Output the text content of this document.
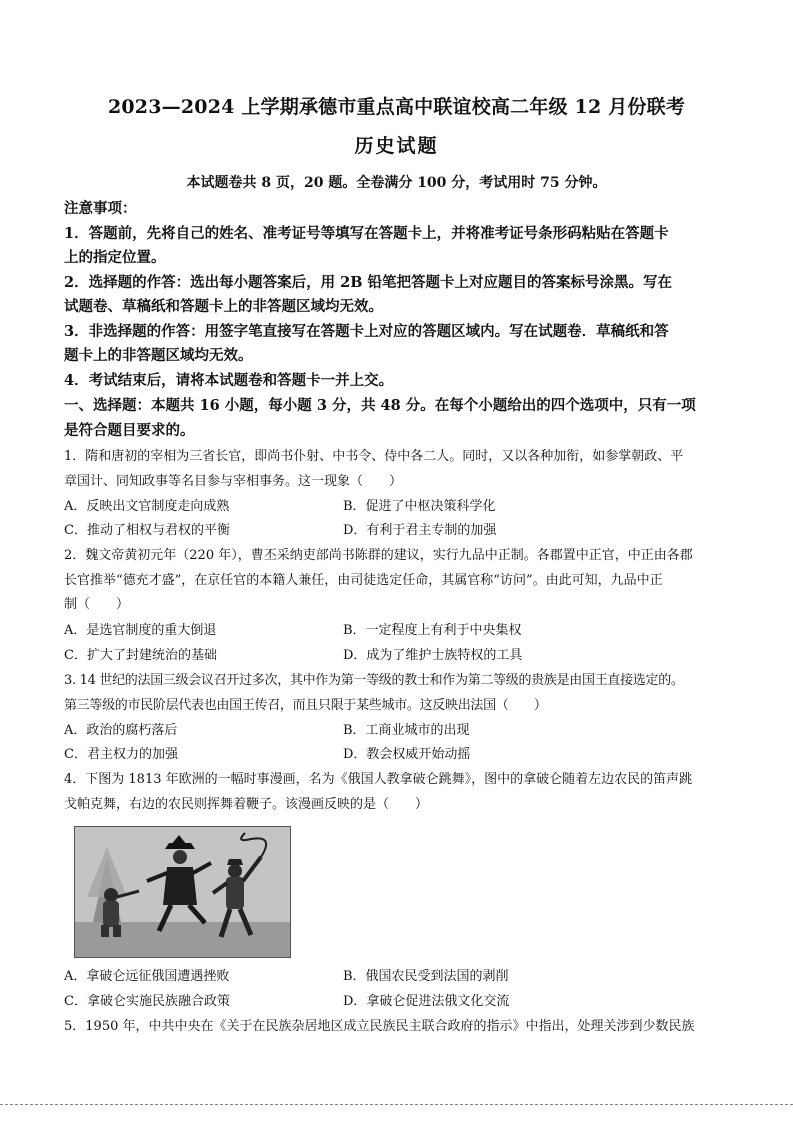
2023—2024 上学期承德市重点高中联谊校高二年级 12 月份联考
历史试题
本试题卷共 8 页，20 题。全卷满分 100 分，考试用时 75 分钟。
注意事项：
1．答题前，先将自己的姓名、准考证号等填写在答题卡上，并将准考证号条形码粘贴在答题卡
上的指定位置。
2．选择题的作答：选出每小题答案后，用 2B 铅笔把答题卡上对应题目的答案标号涂黑。写在
试题卷、草稿纸和答题卡上的非答题区域均无效。
3．非选择题的作答：用签字笔直接写在答题卡上对应的答题区域内。写在试题卷．草稿纸和答
题卡上的非答题区域均无效。
4．考试结束后，请将本试题卷和答题卡一并上交。
一、选择题：本题共 16 小题，每小题 3 分，共 48 分。在每个小题给出的四个选项中，只有一项
是符合题目要求的。
1．隋和唐初的宰相为三省长官，即尚书仆射、中书令、侍中各二人。同时，又以各种加衔，如参掌朝政、平
章国计、同知政事等名目参与宰相事务。这一现象（　　）
A．反映出文官制度走向成熟	B．促进了中枢决策科学化
C．推动了相权与君权的平衡	D．有利于君主专制的加强
2．魏文帝黄初元年（220 年），曹丕采纳吏部尚书陈群的建议，实行九品中正制。各郡置中正官，中正由各郡
长官推举“德充才盛”，在京任官的本籍人兼任，由司徒选定任命，其属官称“访问”。由此可知，九品中正
制（　　）
A．是选官制度的重大倒退	B．一定程度上有利于中央集权
C．扩大了封建统治的基础	D．成为了维护士族特权的工具
3. 14 世纪的法国三级会议召开过多次，其中作为第一等级的教士和作为第二等级的贵族是由国王直接选定的。
第三等级的市民阶层代表也由国王传召，而且只限于某些城市。这反映出法国（　　）
A．政治的腐朽落后	B．工商业城市的出现
C．君主权力的加强	D．教会权威开始动摇
4．下图为 1813 年欧洲的一幅时事漫画，名为《俄国人教拿破仑跳舞》，图中的拿破仑随着左边农民的笛声跳
戈帕克舞，右边的农民则挥舞着鞭子。该漫画反映的是（　　）
A．拿破仑远征俄国遭遇挫败	B．俄国农民受到法国的剥削
C．拿破仑实施民族融合政策	D．拿破仑促进法俄文化交流
5．1950 年，中共中央在《关于在民族杂居地区成立民族民主联合政府的指示》中指出，处理关涉到少数民族
